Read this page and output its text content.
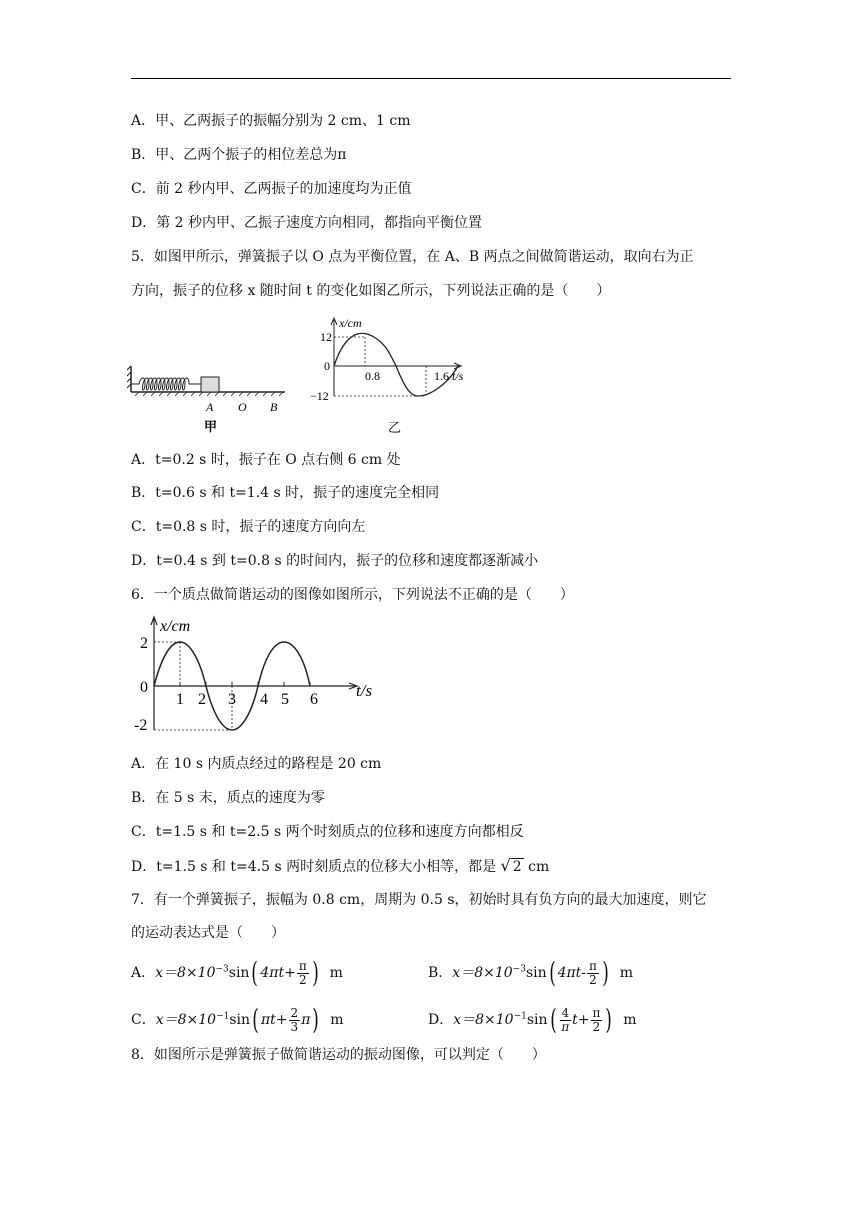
A．甲、乙两振子的振幅分别为 2 cm、1 cm
B．甲、乙两个振子的相位差总为π
C．前 2 秒内甲、乙两振子的加速度均为正值
D．第 2 秒内甲、乙振子速度方向相同，都指向平衡位置
5．如图甲所示，弹簧振子以 O 点为平衡位置，在 A、B 两点之间做简谐运动，取向右为正
方向，振子的位移 x 随时间 t 的变化如图乙所示，下列说法正确的是（　　）
A O B
甲
x/cm
12
0
−12
0.8	1.6 t/s
乙
A．t=0.2 s 时，振子在 O 点右侧 6 cm 处
B．t=0.6 s 和 t=1.4 s 时，振子的速度完全相同
C．t=0.8 s 时，振子的速度方向向左
D．t=0.4 s 到 t=0.8 s 的时间内，振子的位移和速度都逐渐减小
6．一个质点做简谐运动的图像如图所示，下列说法不正确的是（　　）
x/cm
2
0
-2
1 2 3 4 5 6 t/s
A．在 10 s 内质点经过的路程是 20 cm
B．在 5 s 末，质点的速度为零
C．t=1.5 s 和 t=2.5 s 两个时刻质点的位移和速度方向都相反
D．t=1.5 s 和 t=4.5 s 两时刻质点的位移大小相等，都是 √ 2 cm
7．有一个弹簧振子，振幅为 0.8 cm，周期为 0.5 s，初始时具有负方向的最大加速度，则它
的运动表达式是（　　）
A．$x=8\times 10^{-3}\sin$( $4\pi t+ \frac{\pi}{2}$ ) m	B．$x=8\times 10^{-3}\sin$( $4\pi t- \frac{\pi}{2}$ ) m
C．$x=8\times 10^{-1}\sin$( $\pi t+ \frac{2}{3} \pi$) m	D．$x=8\times 10^{-1}\sin( \frac{4}{\pi} t+ \frac{\pi}{2}$ ) m
8．如图所示是弹簧振子做简谐运动的振动图像，可以判定（　　）
